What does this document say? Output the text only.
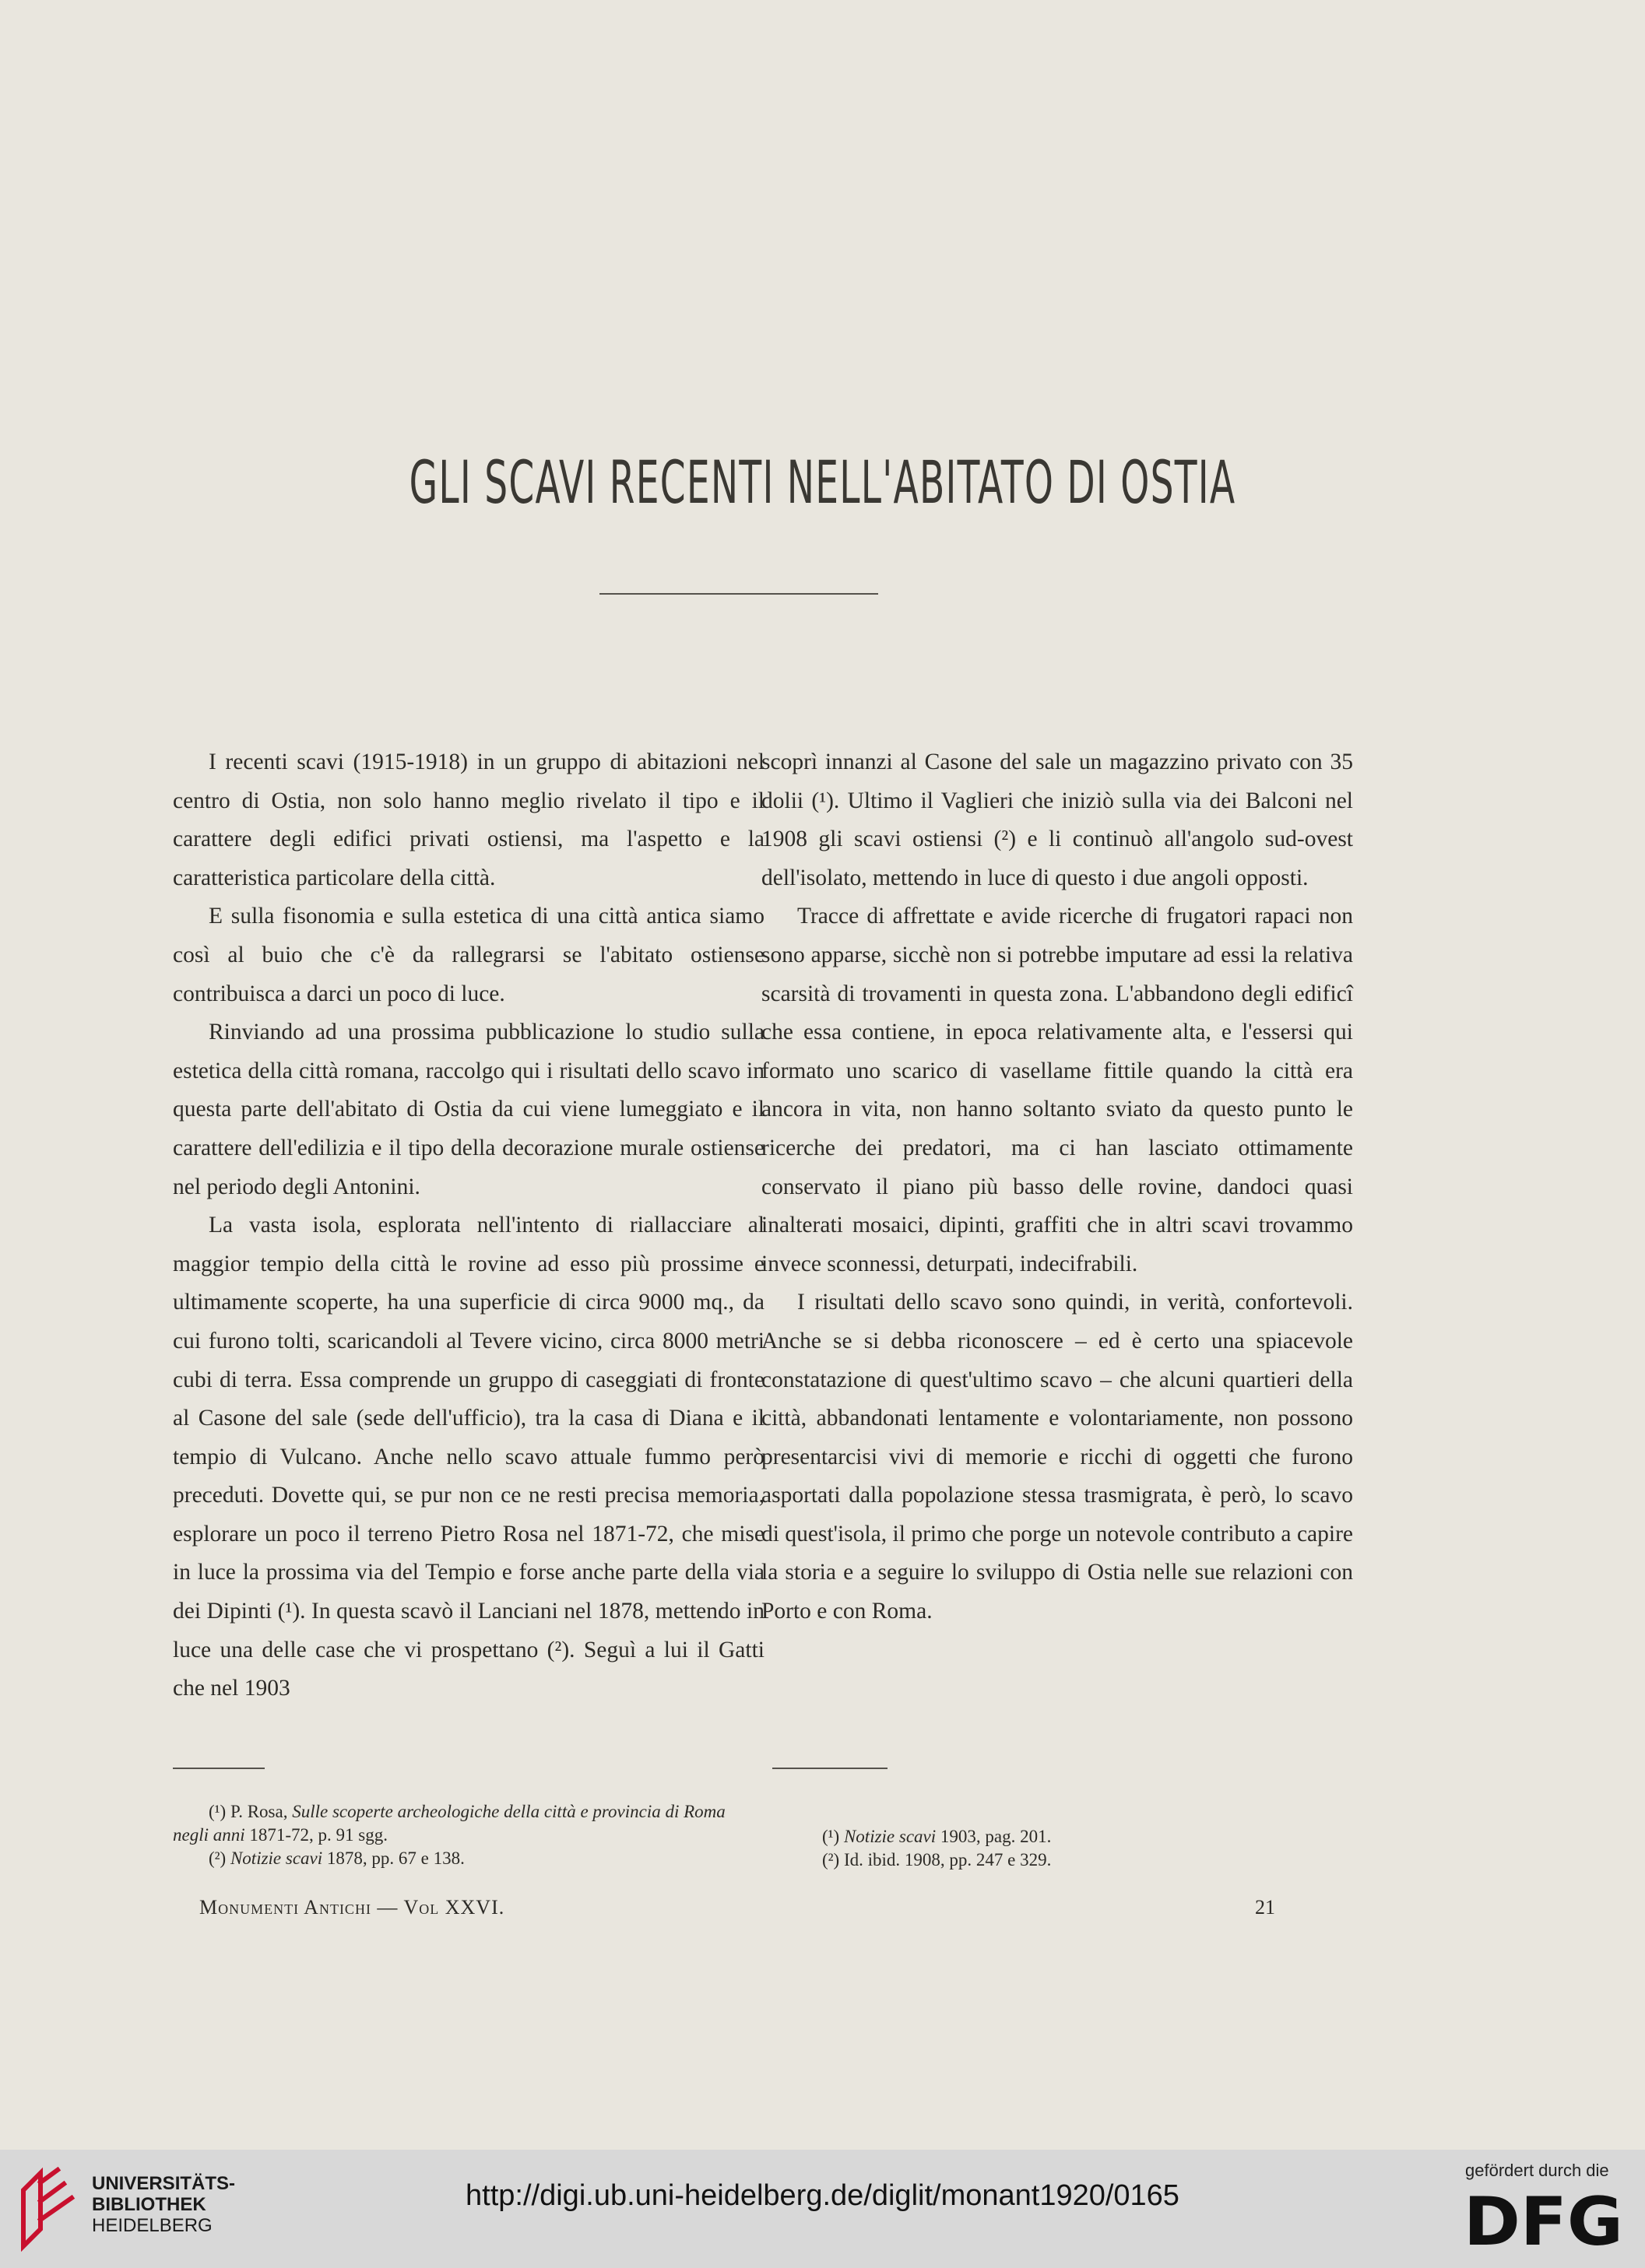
GLI SCAVI RECENTI NELL'ABITATO DI OSTIA

I recenti scavi (1915-1918) in un gruppo di abitazioni nel centro di Ostia, non solo hanno meglio rivelato il tipo e il carattere degli edifici privati ostiensi, ma l'aspetto e la caratteristica particolare della città.

E sulla fisonomia e sulla estetica di una città antica siamo così al buio che c'è da rallegrarsi se l'abitato ostiense contribuisca a darci un poco di luce.

Rinviando ad una prossima pubblicazione lo studio sulla estetica della città romana, raccolgo qui i risultati dello scavo in questa parte dell'abitato di Ostia da cui viene lumeggiato e il carattere dell'edilizia e il tipo della decorazione murale ostiense nel periodo degli Antonini.

La vasta isola, esplorata nell'intento di riallacciare al maggior tempio della città le rovine ad esso più prossime e ultimamente scoperte, ha una superficie di circa 9000 mq., da cui furono tolti, scaricandoli al Tevere vicino, circa 8000 metri cubi di terra. Essa comprende un gruppo di caseggiati di fronte al Casone del sale (sede dell'ufficio), tra la casa di Diana e il tempio di Vulcano. Anche nello scavo attuale fummo però preceduti. Dovette qui, se pur non ce ne resti precisa memoria, esplorare un poco il terreno Pietro Rosa nel 1871-72, che mise in luce la prossima via del Tempio e forse anche parte della via dei Dipinti (¹). In questa scavò il Lanciani nel 1878, mettendo in luce una delle case che vi prospettano (²). Seguì a lui il Gatti che nel 1903

scoprì innanzi al Casone del sale un magazzino privato con 35 dolii (¹). Ultimo il Vaglieri che iniziò sulla via dei Balconi nel 1908 gli scavi ostiensi (²) e li continuò all'angolo sud-ovest dell'isolato, mettendo in luce di questo i due angoli opposti.

Tracce di affrettate e avide ricerche di frugatori rapaci non sono apparse, sicchè non si potrebbe imputare ad essi la relativa scarsità di trovamenti in questa zona. L'abbandono degli edificî che essa contiene, in epoca relativamente alta, e l'essersi qui formato uno scarico di vasellame fittile quando la città era ancora in vita, non hanno soltanto sviato da questo punto le ricerche dei predatori, ma ci han lasciato ottimamente conservato il piano più basso delle rovine, dandoci quasi inalterati mosaici, dipinti, graffiti che in altri scavi trovammo invece sconnessi, deturpati, indecifrabili.

I risultati dello scavo sono quindi, in verità, confortevoli. Anche se si debba riconoscere – ed è certo una spiacevole constatazione di quest'ultimo scavo – che alcuni quartieri della città, abbandonati lentamente e volontariamente, non possono presentarcisi vivi di memorie e ricchi di oggetti che furono asportati dalla popolazione stessa trasmigrata, è però, lo scavo di quest'isola, il primo che porge un notevole contributo a capire la storia e a seguire lo sviluppo di Ostia nelle sue relazioni con Porto e con Roma.

(¹) P. Rosa, Sulle scoperte archeologiche della città e provincia di Roma negli anni 1871-72, p. 91 sgg.

(²) Notizie scavi 1878, pp. 67 e 138.

(¹) Notizie scavi 1903, pag. 201.

(²) Id. ibid. 1908, pp. 247 e 329.

Monumenti Antichi — Vol XXVI.	21
UNIVERSITÄTS-
BIBLIOTHEK
HEIDELBERG
http://digi.ub.uni-heidelberg.de/diglit/monant1920/0165
gefördert durch die
DFG
